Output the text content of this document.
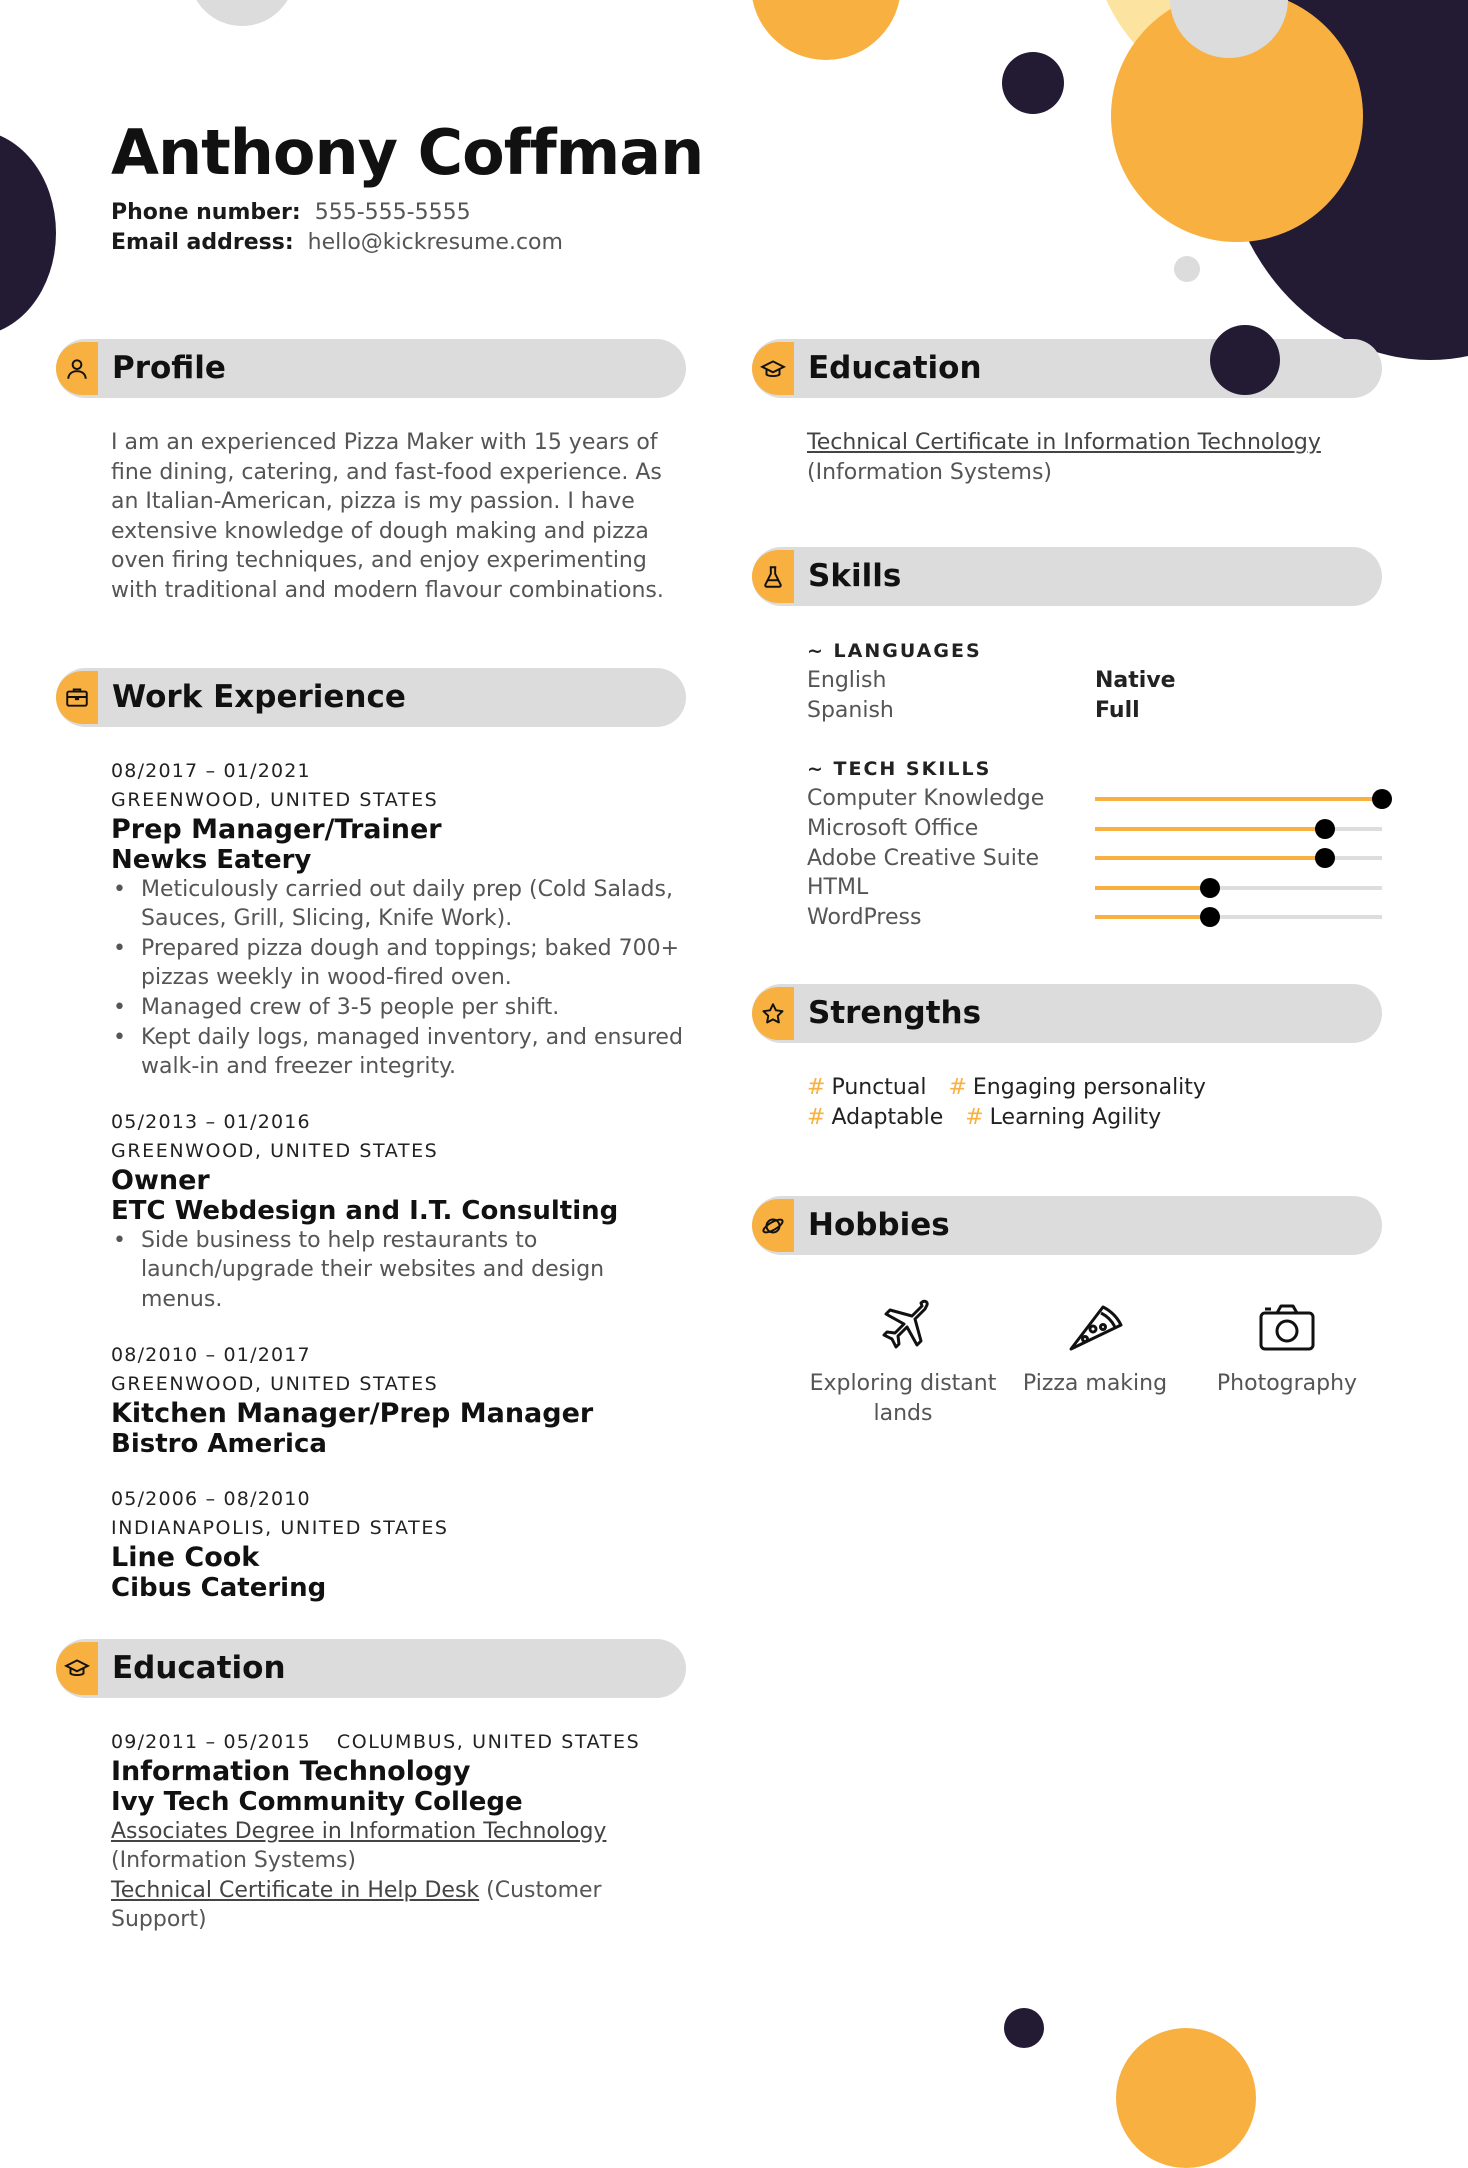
Anthony Coffman
Phone number: 555-555-5555
Email address: hello@kickresume.com
Profile

I am an experienced Pizza Maker with 15 years of fine dining, catering, and fast-food experience. As an Italian-American, pizza is my passion. I have extensive knowledge of dough making and pizza oven firing techniques, and enjoy experimenting with traditional and modern flavour combinations.

Work Experience
08/2017 – 01/2021
GREENWOOD, UNITED STATES
Prep Manager/Trainer
Newks Eatery
• Meticulously carried out daily prep (Cold Salads, Sauces, Grill, Slicing, Knife Work).
• Prepared pizza dough and toppings; baked 700+ pizzas weekly in wood-fired oven.
• Managed crew of 3-5 people per shift.
• Kept daily logs, managed inventory, and ensured walk-in and freezer integrity.
05/2013 – 01/2016
GREENWOOD, UNITED STATES
Owner
ETC Webdesign and I.T. Consulting
• Side business to help restaurants to launch/upgrade their websites and design menus.
08/2010 – 01/2017
GREENWOOD, UNITED STATES
Kitchen Manager/Prep Manager
Bistro America
05/2006 – 08/2010
INDIANAPOLIS, UNITED STATES
Line Cook
Cibus Catering
Education
09/2011 – 05/2015 COLUMBUS, UNITED STATES
Information Technology
Ivy Tech Community College
Associates Degree in Information Technology
(Information Systems)
Technical Certificate in Help Desk (Customer Support)
Education
Technical Certificate in Information Technology
(Information Systems)
Skills
~ LANGUAGES
English	Native
Spanish	Full
~ TECH SKILLS
Computer Knowledge
Microsoft Office
Adobe Creative Suite
HTML
WordPress
Strengths
# Punctual # Engaging personality
# Adaptable # Learning Agility
Hobbies
Exploring distant lands
Pizza making	Photography
